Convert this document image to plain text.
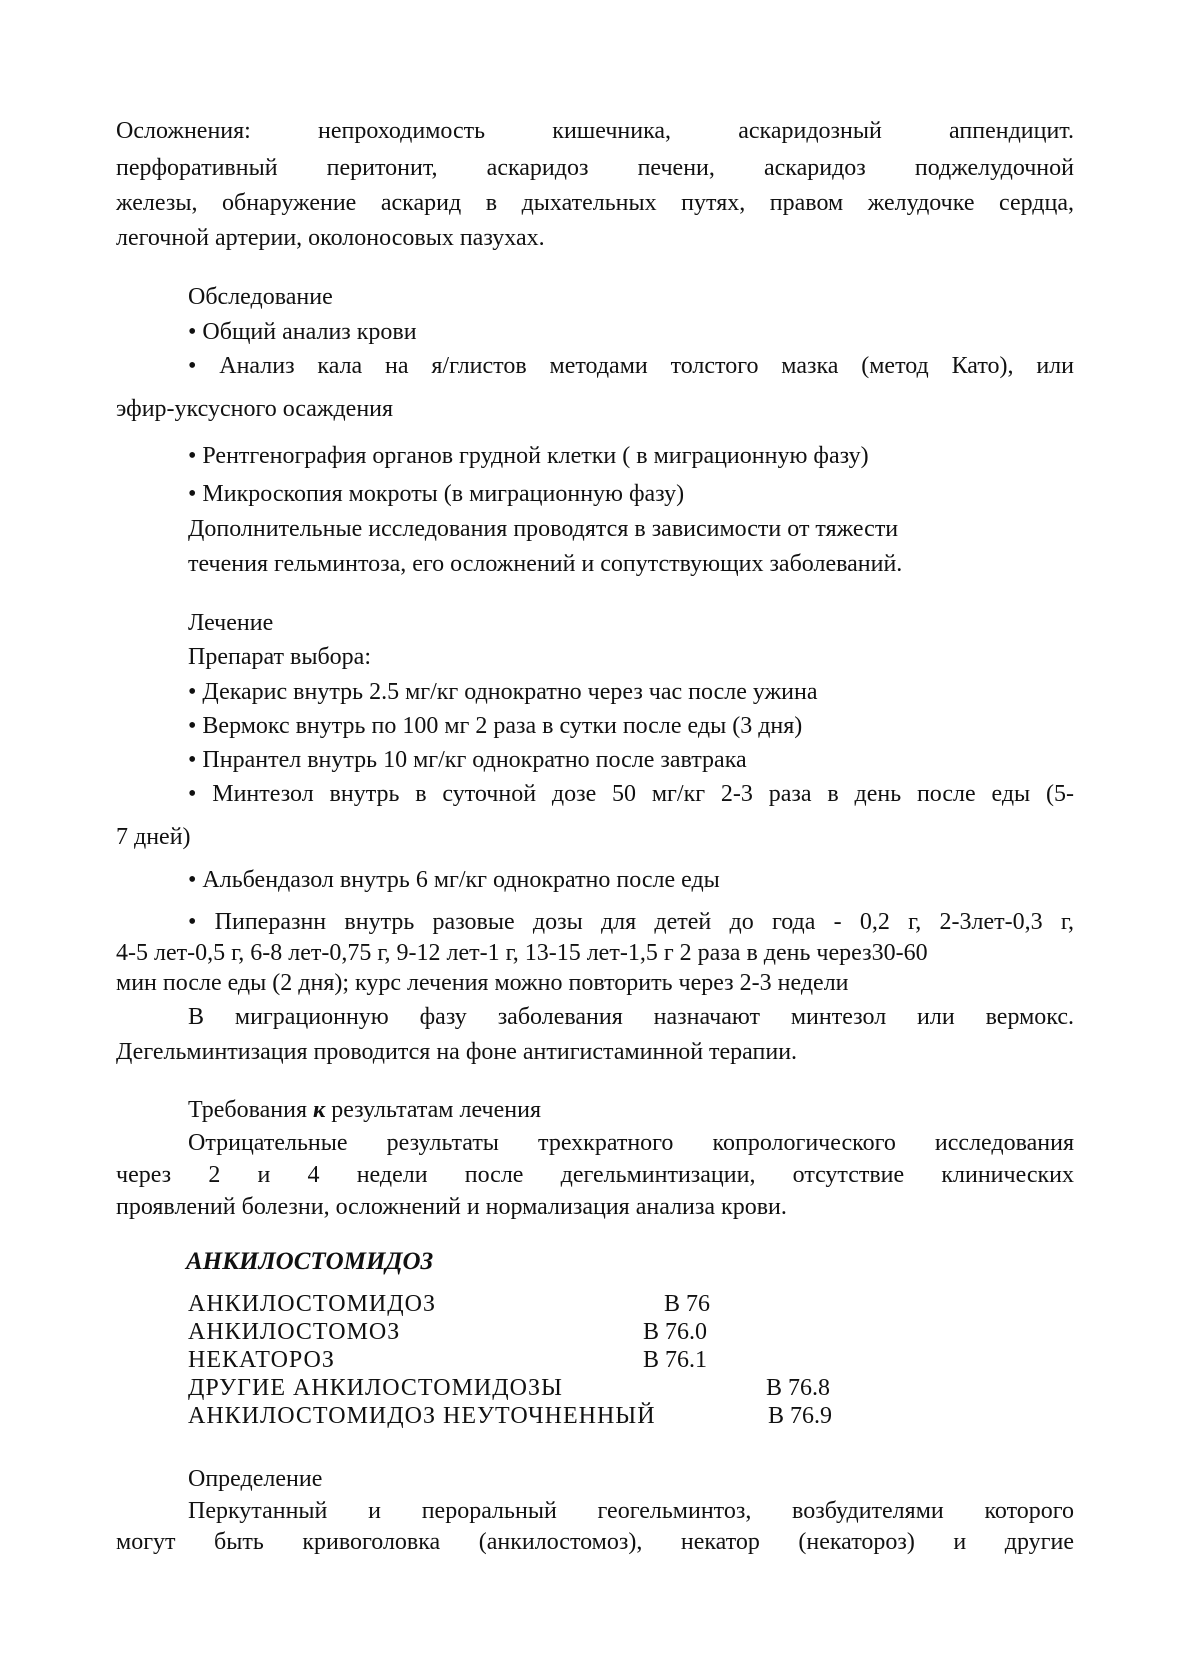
Осложнения: непроходимость кишечника, аскаридозный аппендицит.
перфоративный перитонит, аскаридоз печени, аскаридоз поджелудочной
железы, обнаружение аскарид в дыхательных путях, правом желудочке сердца,
легочной артерии, околоносовых пазухах.
Обследование
• Общий анализ крови
• Анализ кала на я/глистов методами толстого мазка (метод Като), или
эфир-уксусного осаждения
• Рентгенография органов грудной клетки ( в миграционную фазу)
• Микроскопия мокроты (в миграционную фазу)
Дополнительные исследования проводятся в зависимости от тяжести
течения гельминтоза, его осложнений и сопутствующих заболеваний.
Лечение
Препарат выбора:
• Декарис внутрь 2.5 мг/кг однократно через час после ужина
• Вермокс внутрь по 100 мг 2 раза в сутки после еды (3 дня)
• Пнрантел внутрь 10 мг/кг однократно после завтрака
• Минтезол внутрь в суточной дозе 50 мг/кг 2-3 раза в день после еды (5-
7 дней)
• Альбендазол внутрь 6 мг/кг однократно после еды
• Пиперазнн внутрь разовые дозы для детей до года - 0,2 г, 2-3лет-0,3 г,
4-5 лет-0,5 г, 6-8 лет-0,75 г, 9-12 лет-1 г, 13-15 лет-1,5 г 2 раза в день через30-60
мин после еды (2 дня); курс лечения можно повторить через 2-3 недели
В миграционную фазу заболевания назначают минтезол или вермокс.
Дегельминтизация проводится на фоне антигистаминной терапии.
Требования к результатам лечения
Отрицательные результаты трехкратного копрологического исследования
через 2 и 4 недели после дегельминтизации, отсутствие клинических
проявлений болезни, осложнений и нормализация анализа крови.
АНКИЛОСТОМИДОЗ
АНКИЛОСТОМИДОЗ	В 76
АНКИЛОСТОМОЗ	В 76.0
НЕКАТОРОЗ	В 76.1
ДРУГИЕ АНКИЛОСТОМИДОЗЫ	В 76.8
АНКИЛОСТОМИДОЗ НЕУТОЧНЕННЫЙ	В 76.9
Определение
Перкутанный и пероральный геогельминтоз, возбудителями которого
могут быть кривоголовка (анкилостомоз), некатор (некатороз) и другие
